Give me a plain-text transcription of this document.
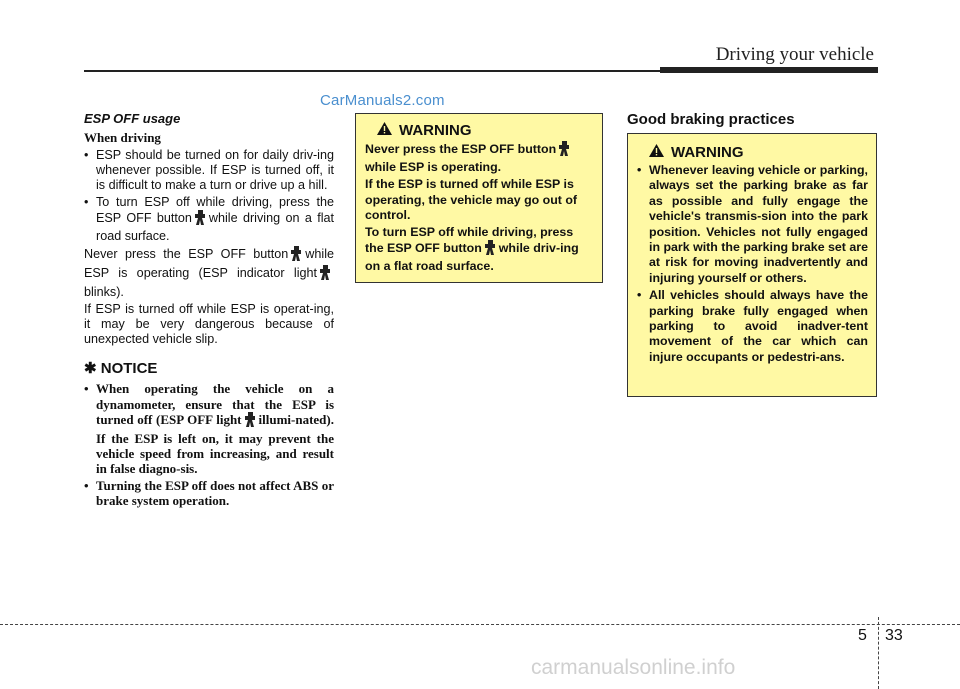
Driving your vehicle
CarManuals2.com
ESP OFF usage
When driving
• ESP should be turned on for daily driv-ing whenever possible. If ESP is turned off, it is difficult to make a turn or drive up a hill.
• To turn ESP off while driving, press the ESP OFF button while driving on a flat road surface.

Never press the ESP OFF button while ESP is operating (ESP indicator lightblinks).

If ESP is turned off while ESP is operat-ing, it may be very dangerous because of unexpected vehicle slip.

✱ NOTICE
• When operating the vehicle on a dynamometer, ensure that the ESP is turned off (ESP OFF light illumi-nated). If the ESP is left on, it may prevent the vehicle speed from increasing, and result in false diagno-sis.
• Turning the ESP off does not affect ABS or brake system operation.
WARNING
Never press the ESP OFF buttonwhile ESP is operating.
If the ESP is turned off while ESP is operating, the vehicle may go out of control.
To turn ESP off while driving, press the ESP OFF button while driv-ing on a flat road surface.
Good braking practices
WARNING
• Whenever leaving vehicle or parking, always set the parking brake as far as possible and fully engage the vehicle's transmis-sion into the park position. Vehicles not fully engaged in park with the parking brake set are at risk for moving inadvertently and injuring yourself or others.
• All vehicles should always have the parking brake fully engaged when parking to avoid inadver-tent movement of the car which can injure occupants or pedestri-ans.
5 33
carmanualsonline.info
